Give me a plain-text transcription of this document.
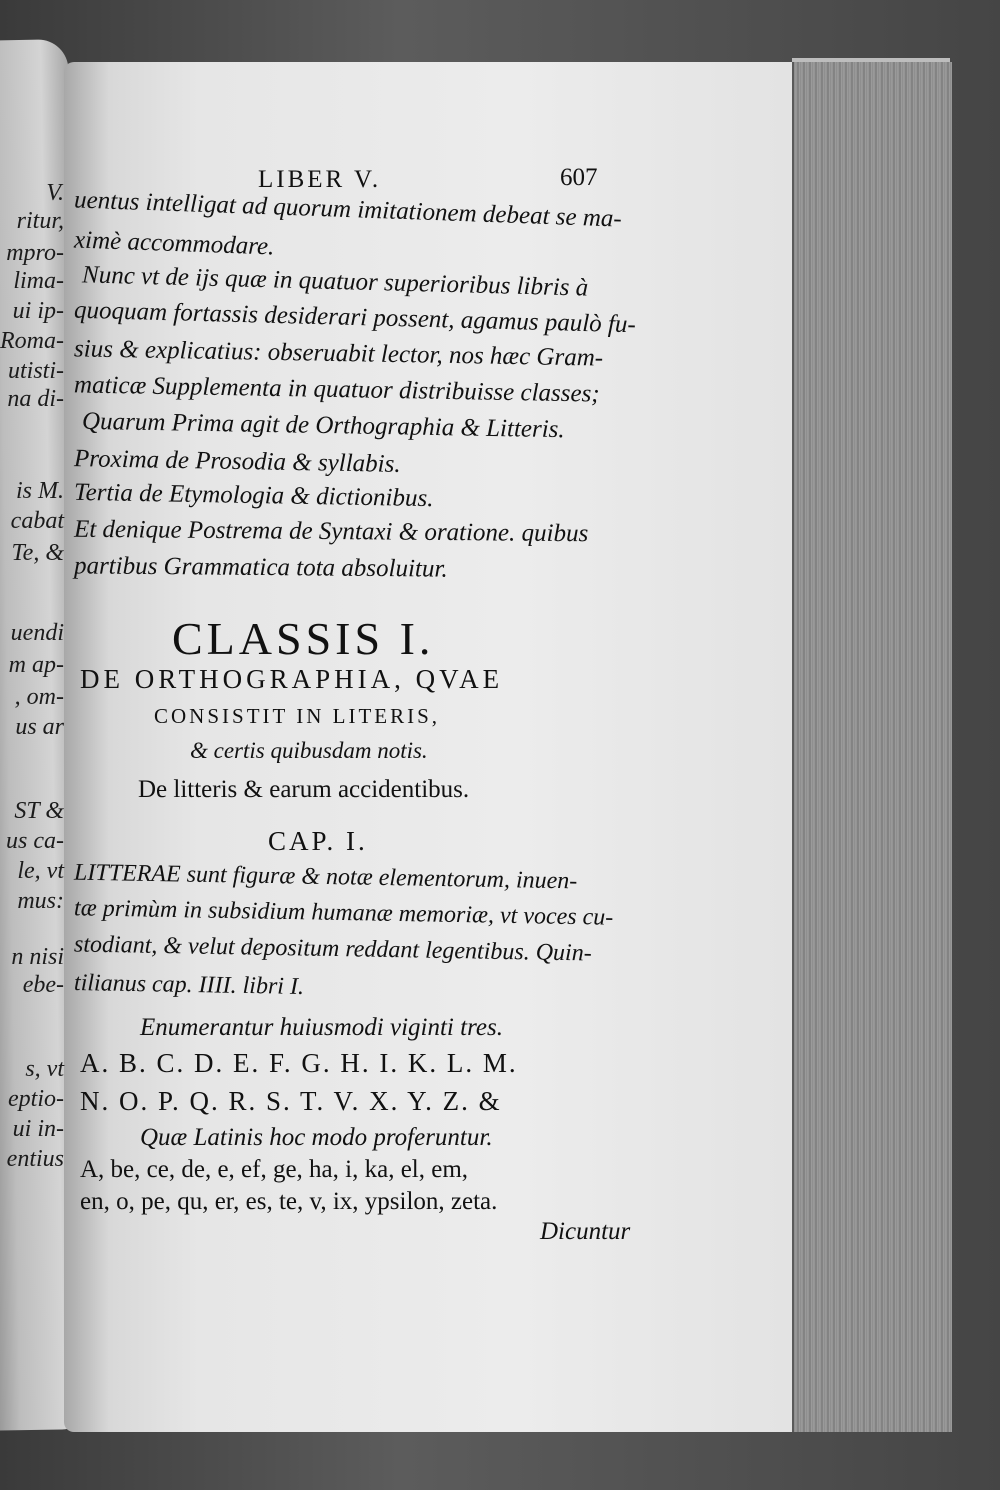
V.
ritur,
mpro-
lima-
ui ip-
Roma-
utisti-
na di-
is M.
cabat
Te, &
uendi
m ap-
, om-
us ar
ST &
us ca-
le, vt
mus:
n nisi
ebe-
s, vt
eptio-
ui in-
entius
LIBER V.	607
uentus intelligat ad quorum imitationem debeat se ma-
ximè accommodare.
Nunc vt de ijs quæ in quatuor superioribus libris à
quoquam fortassis desiderari possent, agamus paulò fu-
sius & explicatius: obseruabit lector, nos hæc Gram-
maticæ Supplementa in quatuor distribuisse classes;
Quarum Prima agit de Orthographia & Litteris.
Proxima de Prosodia & syllabis.
Tertia de Etymologia & dictionibus.
Et denique Postrema de Syntaxi & oratione. quibus
partibus Grammatica tota absoluitur.
CLASSIS I.
DE ORTHOGRAPHIA, QVAE
CONSISTIT IN LITERIS,
& certis quibusdam notis.
De litteris & earum accidentibus.
CAP. I.
LITTERAE sunt figuræ & notæ elementorum, inuen-
tæ primùm in subsidium humanæ memoriæ, vt voces cu-
stodiant, & velut depositum reddant legentibus. Quin-
tilianus cap. IIII. libri I.
Enumerantur huiusmodi viginti tres.
A. B. C. D. E. F. G. H. I. K. L. M.
N. O. P. Q. R. S. T. V. X. Y. Z. &
Quæ Latinis hoc modo proferuntur.
A, be, ce, de, e, ef, ge, ha, i, ka, el, em,
en, o, pe, qu, er, es, te, v, ix, ypsilon, zeta.
Dicuntur
